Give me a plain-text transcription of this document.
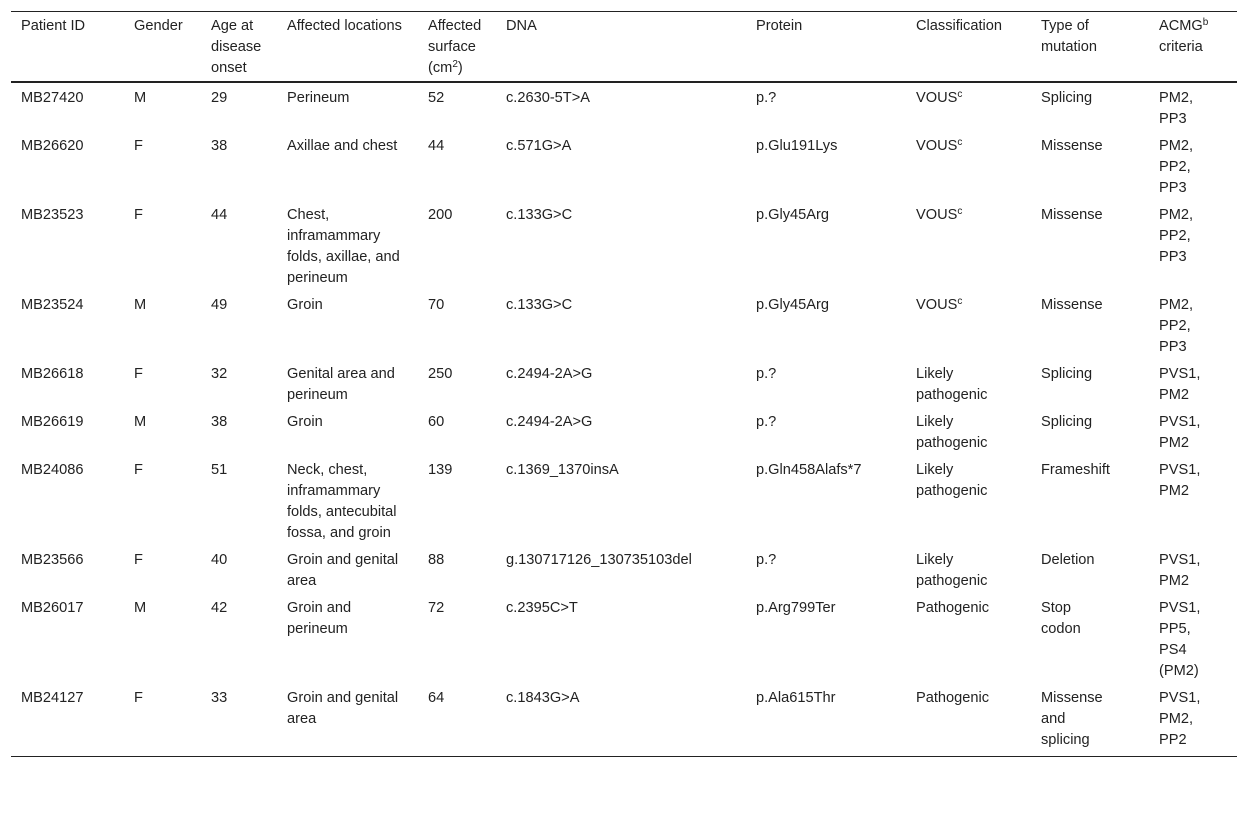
Patient ID	Gender	Age at disease onset	Affected locations	Affected surface $(cm^2)$	DNA	Protein	Classification	Type of mutation	ACMG$^b$ criteria
MB27420	M	29	Perineum	52	c.2630-5T>A	p.?	VOUS$^c$	Splicing	PM2, PP3
MB26620	F	38	Axillae and chest	44	c.571G>A	p.Glu191Lys	VOUS$^c$	Missense	PM2, PP2, PP3
MB23523	F	44	Chest, inframammary folds, axillae, and perineum	200	c.133G>C	p.Gly45Arg	VOUS$^c$	Missense	PM2, PP2, PP3
MB23524	M	49	Groin	70	c.133G>C	p.Gly45Arg	VOUS$^c$	Missense	PM2, PP2, PP3
MB26618	F	32	Genital area and perineum	250	c.2494-2A>G	p.?	Likely pathogenic	Splicing	PVS1, PM2
MB26619	M	38	Groin	60	c.2494-2A>G	p.?	Likely pathogenic	Splicing	PVS1, PM2
MB24086	F	51	Neck, chest, inframammary folds, antecubital fossa, and groin	139	c.1369_1370insA	p.Gln458Alafs*7	Likely pathogenic	Frameshift	PVS1, PM2
MB23566	F	40	Groin and genital area	88	g.130717126_130735103del	p.?	Likely pathogenic	Deletion	PVS1, PM2
MB26017	M	42	Groin and perineum	72	c.2395C>T	p.Arg799Ter	Pathogenic	Stop codon	PVS1, PP5, PS4 (PM2)
MB24127	F	33	Groin and genital area	64	c.1843G>A	p.Ala615Thr	Pathogenic	Missense and splicing	PVS1, PM2, PP2
